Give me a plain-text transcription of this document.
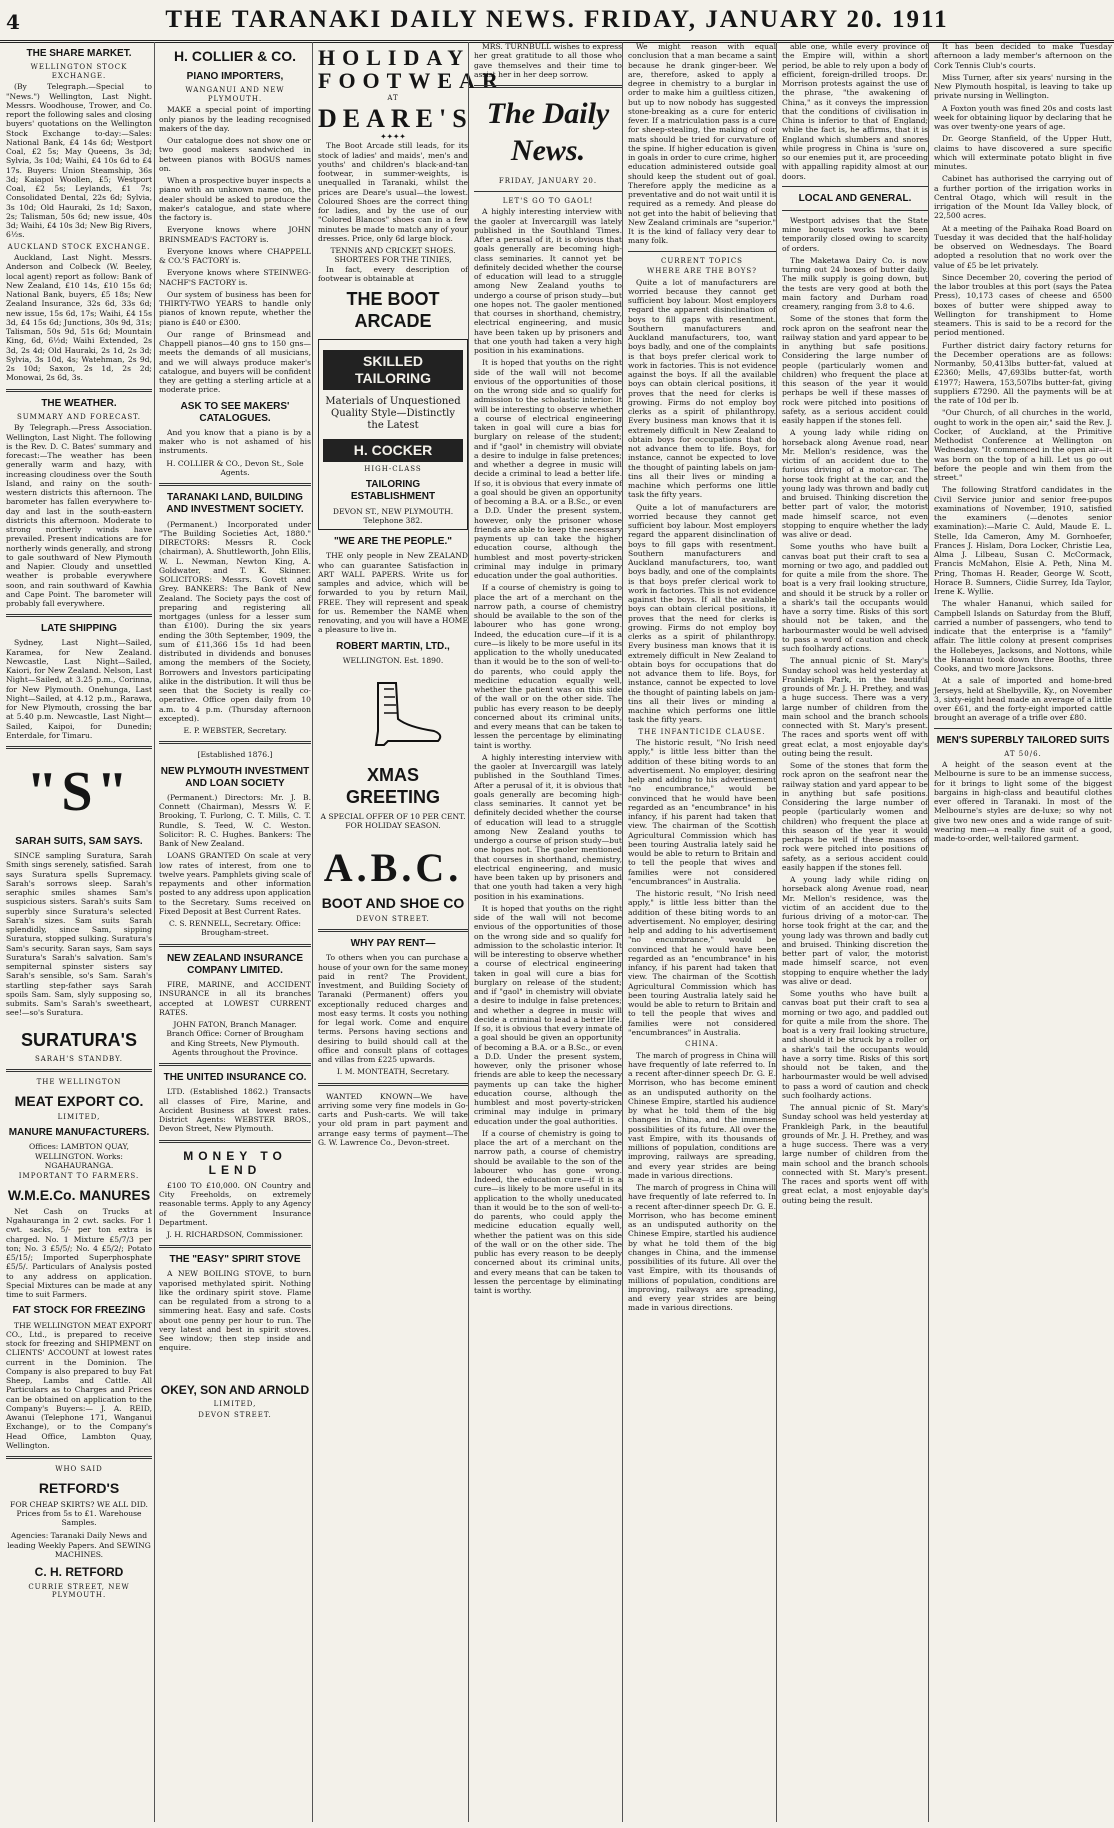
4	THE TARANAKI DAILY NEWS. FRIDAY, JANUARY 20. 1911
THE SHARE MARKET.
WELLINGTON STOCK EXCHANGE.

(By Telegraph.—Special to "News.") Wellington, Last Night. Messrs. Woodhouse, Trower, and Co. report the following sales and closing buyers' quotations on the Wellington Stock Exchange to-day:—Sales: National Bank, £4 14s 6d; Westport Coal, £2 5s; May Queens, 3s 3d; Sylvia, 3s 10d; Waihi, £4 10s 6d to £4 17s. Buyers: Union Steamship, 36s 3d; Kaiapoi Woollen, £5; Westport Coal, £2 5s; Leylands, £1 7s; Consolidated Dental, 22s 6d; Sylvia, 3s 10d; Old Hauraki, 2s 1d; Saxon, 2s; Talisman, 50s 6d; new issue, 40s 3d; Waihi, £4 10s 3d; New Big Rivers, 6½s.

AUCKLAND STOCK EXCHANGE.

Auckland, Last Night. Messrs. Anderson and Colbeck (W. Beeley, local agent) report as follow: Bank of New Zealand, £10 14s, £10 15s 6d; National Bank, buyers, £5 18s; New Zealand Insurance, 32s 6d, 33s 6d; new issue, 15s 6d, 17s; Waihi, £4 15s 3d, £4 15s 6d; Junctions, 30s 9d, 31s; Talisman, 50s 9d, 51s 6d; Mountain King, 6d, 6½d; Waihi Extended, 2s 3d, 2s 4d; Old Hauraki, 2s 1d, 2s 3d; Sylvia, 3s 10d, 4s; Watehman, 2s 9d, 2s 10d; Saxon, 2s 1d, 2s 2d; Monowai, 2s 6d, 3s.

THE WEATHER.
SUMMARY AND FORECAST.

By Telegraph.—Press Association. Wellington, Last Night. The following is the Rev. D. C. Bates' summary and forecast:—The weather has been generally warm and hazy, with increasing cloudiness over the South Island, and rainy on the south-western districts this afternoon. The barometer has fallen everywhere to-day and last in the south-eastern districts this afternoon. Moderate to strong northerly winds have prevailed. Present indications are for northerly winds generally, and strong to gale southward of New Plymouth and Napier. Cloudy and unsettled weather is probable everywhere soon, and rain southward of Kawhia and Cape Point. The barometer will probably fall everywhere.

LATE SHIPPING

Sydney, Last Night—Sailed, Karamea, for New Zealand. Newcastle, Last Night—Sailed, Kaiori, for New Zealand. Nelson, Last Night—Sailed, at 3.25 p.m., Corinna, for New Plymouth. Onehunga, Last Night—Sailed, at 4.12 p.m., Rarawa, for New Plymouth, crossing the bar at 5.40 p.m. Newcastle, Last Night—Sailed, Kaipoi, for Dunedin; Enterdale, for Timaru.

"S"
SARAH SUITS, SAM SAYS.

SINCE sampling Suratura, Sarah Smith sings serenely, satisfied. Sarah says Suratura spells Supremacy. Sarah's sorrows sleep. Sarah's seraphic smiles shames Sam's suspicious sisters. Sarah's suits Sam superbly since Suratura's selected Sarah's sizes. Sam suits Sarah splendidly, since Sam, sipping Suratura, stopped sulking. Suratura's Sam's security. Saran says, Sam says Suratura's Sarah's salvation. Sam's sempiternal spinster sisters say Sarah's sensible, so's Sam. Sarah's startling step-father says Sarah spoils Sam. Sam, slyly supposing so, submits. Sam's Sarah's sweetheart, see!—so's Suratura.

SURATURA'S
SARAH'S STANDBY.
THE WELLINGTON
MEAT EXPORT CO.
LIMITED,
MANURE MANUFACTURERS.
Offices: LAMBTON QUAY, WELLINGTON. Works: NGAHAURANGA.
IMPORTANT TO FARMERS.
W.M.E.Co. MANURES

Net Cash on Trucks at Ngahauranga in 2 cwt. sacks. For 1 cwt. sacks, 5/- per ton extra is charged. No. 1 Mixture £5/7/3 per ton; No. 3 £5/5/; No. 4 £5/2/; Potato £5/15/; Imported Superphosphate £5/5/. Particulars of Analysis posted to any address on application. Special Mixtures can be made at any time to suit Farmers.

FAT STOCK FOR FREEZING

THE WELLINGTON MEAT EXPORT CO., Ltd., is prepared to receive stock for freezing and SHIPMENT on CLIENTS' ACCOUNT at lowest rates current in the Dominion. The Company is also prepared to buy Fat Sheep, Lambs and Cattle. All Particulars as to Charges and Prices can be obtained on application to the Company's Buyers:— J. A. REID, Awanui (Telephone 171, Wanganui Exchange), or to the Company's Head Office, Lambton Quay, Wellington.

WHO SAID
RETFORD'S
FOR CHEAP SKIRTS? WE ALL DID. Prices from 5s to £1. Warehouse Samples.
Agencies: Taranaki Daily News and leading Weekly Papers. And SEWING MACHINES.
C. H. RETFORD
CURRIE STREET, NEW PLYMOUTH.
H. COLLIER & CO.
PIANO IMPORTERS,
WANGANUI AND NEW PLYMOUTH.

MAKE a special point of importing only pianos by the leading recognised makers of the day.

Our catalogue does not show one or two good makers sandwiched in between pianos with BOGUS names on.

When a prospective buyer inspects a piano with an unknown name on, the dealer should be asked to produce the maker's catalogue, and state where the factory is.

Everyone knows where JOHN BRINSMEAD'S FACTORY is.

Everyone knows where CHAPPELL & CO.'S FACTORY is.

Everyone knows where STEINWEG-NACHF'S FACTORY is.

Our system of business has been for THIRTY-TWO YEARS to handle only pianos of known repute, whether the piano is £40 or £300.

Our range of Brinsmead and Chappell pianos—40 gns to 150 gns—meets the demands of all musicians, and we will always produce maker's catalogue, and buyers will be confident they are getting a sterling article at a moderate price.

ASK TO SEE MAKERS' CATALOGUES.

And you know that a piano is by a maker who is not ashamed of his instruments.

H. COLLIER & CO., Devon St., Sole Agents.
TARANAKI LAND, BUILDING AND INVESTMENT SOCIETY.

(Permanent.) Incorporated under "The Building Societies Act, 1880." DIRECTORS: Messrs R. Cock (chairman), A. Shuttleworth, John Ellis, W. L. Newman, Newton King, A. Goldwater, and T. K. Skinner. SOLICITORS: Messrs. Govett and Grey. BANKERS: The Bank of New Zealand. The Society pays the cost of preparing and registering all mortgages (unless for a lesser sum than £100). During the six years ending the 30th September, 1909, the sum of £11,366 15s 1d had been distributed in dividends and bonuses among the members of the Society, Borrowers and Investors participating alike in the distribution. It will thus be seen that the Society is really co-operative. Office open daily from 10 a.m. to 4 p.m. (Thursday afternoon excepted).

E. P. WEBSTER, Secretary.
[Established 1876.]
NEW PLYMOUTH INVESTMENT AND LOAN SOCIETY

(Permanent.) Directors: Mr. J. B. Connett (Chairman), Messrs W. F. Brooking, T. Furlong, C. T. Mills, C. T. Rundle, S. Teed, W. C. Weston. Solicitor: R. C. Hughes. Bankers: The Bank of New Zealand.

LOANS GRANTED On scale at very low rates of interest, from one to twelve years. Pamphlets giving scale of repayments and other information posted to any address upon application to the Secretary. Sums received on Fixed Deposit at Best Current Rates.

C. S. RENNELL, Secretary. Office: Brougham-street.
NEW ZEALAND INSURANCE COMPANY LIMITED.

FIRE, MARINE, and ACCIDENT INSURANCE in all its branches accepted at LOWEST CURRENT RATES.

JOHN FATON, Branch Manager. Branch Office: Corner of Brougham and King Streets, New Plymouth. Agents throughout the Province.
THE UNITED INSURANCE CO.

LTD. (Established 1862.) Transacts all classes of Fire, Marine, and Accident Business at lowest rates. District Agents: WEBSTER BROS., Devon Street, New Plymouth.

MONEY TO LEND

£100 TO £10,000. ON Country and City Freeholds, on extremely reasonable terms. Apply to any Agency of the Government Insurance Department.

J. H. RICHARDSON, Commissioner.
THE "EASY" SPIRIT STOVE

A NEW BOILING STOVE, to burn vaporised methylated spirit. Nothing like the ordinary spirit stove. Flame can be regulated from a strong to a simmering heat. Easy and safe. Costs about one penny per hour to run. The very latest and best in spirit stoves. See window; then step inside and enquire.

OKEY, SON AND ARNOLD
LIMITED,
DEVON STREET.
HOLIDAY FOOTWEAR
AT
DEARE'S
✦✦✦✦

The Boot Arcade still leads, for its stock of ladies' and maids', men's and youths' and children's black-and-tan footwear, in summer-weights, is unequalled in Taranaki, whilst the prices are Deare's usual—the lowest. Coloured Shoes are the correct thing for ladies, and by the use of our "Colored Blancos" shoes can in a few minutes be made to match any of your dresses. Price, only 6d large block.

TENNIS AND CRICKET SHOES. SHORTEES FOR THE TINIES,

In fact, every description of footwear is obtainable at

THE BOOT ARCADE
SKILLED TAILORING
Materials of Unquestioned Quality Style—Distinctly the Latest
H. COCKER
HIGH-CLASS
TAILORING ESTABLISHMENT
DEVON ST., NEW PLYMOUTH.
Telephone 382.
"WE ARE THE PEOPLE."

THE only people in New ZEALAND who can guarantee Satisfaction in ART WALL PAPERS. Write us for samples and advice, which will be forwarded to you by return Mail, FREE. They will represent and speak for us. Remember the NAME when renovating, and you will have a HOME a pleasure to live in.

ROBERT MARTIN, LTD.,
WELLINGTON. Est. 1890.
XMAS GREETING
A SPECIAL OFFER OF 10 PER CENT. FOR HOLIDAY SEASON.
A.B.C.
BOOT AND SHOE CO
DEVON STREET.
WHY PAY RENT—

To others when you can purchase a house of your own for the same money paid in rent? The Provident, Investment, and Building Society of Taranaki (Permanent) offers you exceptionally reduced charges and most easy terms. It costs you nothing for legal work. Come and enquire terms. Persons having sections and desiring to build should call at the office and consult plans of cottages and villas from £225 upwards.

I. M. MONTEATH, Secretary.

WANTED KNOWN—We have arriving some very fine models in Go-carts and Push-carts. We will take your old pram in part payment and arrange easy terms of payment—The G. W. Lawrence Co., Devon-street.

MRS. TURNBULL wishes to express her great gratitude to all those who gave themselves and their time to assist her in her deep sorrow.

The Daily News.
FRIDAY, JANUARY 20.
LET'S GO TO GAOL!

A highly interesting interview with the gaoler at Invercargill was lately published in the Southland Times. After a perusal of it, it is obvious that goals generally are becoming high-class seminaries. It cannot yet be definitely decided whether the course of education will lead to a struggle among New Zealand youths to undergo a course of prison study—but one hopes not. The gaoler mentioned that courses in shorthand, chemistry, electrical engineering, and music have been taken up by prisoners and that one youth had taken a very high position in his examinations.

It is hoped that youths on the right side of the wall will not become envious of the opportunities of those on the wrong side and so qualify for admission to the scholastic interior. It will be interesting to observe whether a course of electrical engineering taken in goal will cure a bias for burglary on release of the student; and if "gaol" in chemistry will obviate a desire to indulge in false pretences; and whether a degree in music will decide a criminal to lead a better life. If so, it is obvious that every inmate of a goal should be given an opportunity of becoming a B.A. or a B.Sc., or even a D.D. Under the present system, however, only the prisoner whose friends are able to keep the necessary payments up can take the higher education course, although the humblest and most poverty-stricken criminal may indulge in primary education under the goal authorities.

If a course of chemistry is going to place the art of a merchant on the narrow path, a course of chemistry should be available to the son of the labourer who has gone wrong. Indeed, the education cure—if it is a cure—is likely to be more useful in its application to the wholly uneducated than it would be to the son of well-to-do parents, who could apply the medicine education equally well, whether the patient was on this side of the wall or on the other side. The public has every reason to be deeply concerned about its criminal units, and every means that can be taken to lessen the percentage by eliminating taint is worthy.

A highly interesting interview with the gaoler at Invercargill was lately published in the Southland Times. After a perusal of it, it is obvious that goals generally are becoming high-class seminaries. It cannot yet be definitely decided whether the course of education will lead to a struggle among New Zealand youths to undergo a course of prison study—but one hopes not. The gaoler mentioned that courses in shorthand, chemistry, electrical engineering, and music have been taken up by prisoners and that one youth had taken a very high position in his examinations.

It is hoped that youths on the right side of the wall will not become envious of the opportunities of those on the wrong side and so qualify for admission to the scholastic interior. It will be interesting to observe whether a course of electrical engineering taken in goal will cure a bias for burglary on release of the student; and if "gaol" in chemistry will obviate a desire to indulge in false pretences; and whether a degree in music will decide a criminal to lead a better life. If so, it is obvious that every inmate of a goal should be given an opportunity of becoming a B.A. or a B.Sc., or even a D.D. Under the present system, however, only the prisoner whose friends are able to keep the necessary payments up can take the higher education course, although the humblest and most poverty-stricken criminal may indulge in primary education under the goal authorities.

If a course of chemistry is going to place the art of a merchant on the narrow path, a course of chemistry should be available to the son of the labourer who has gone wrong. Indeed, the education cure—if it is a cure—is likely to be more useful in its application to the wholly uneducated than it would be to the son of well-to-do parents, who could apply the medicine education equally well, whether the patient was on this side of the wall or on the other side. The public has every reason to be deeply concerned about its criminal units, and every means that can be taken to lessen the percentage by eliminating taint is worthy.

We might reason with equal conclusion that a man became a saint because he drank ginger-beer. We are, therefore, asked to apply a degree in chemistry to a burglar in order to make him a guiltless citizen, but up to now nobody has suggested stone-breaking as a cure for enteric fever. If a matriculation pass is a cure for sheep-stealing, the making of coir mats should be tried for curvature of the spine. If higher education is given in goals in order to cure crime, higher education administered outside goal should keep the student out of goal. Therefore apply the medicine as a preventative and do not wait until it is required as a remedy. And please do not get into the habit of believing that New Zealand criminals are "superior." It is the kind of fallacy very dear to many folk.

CURRENT TOPICS
WHERE ARE THE BOYS?

Quite a lot of manufacturers are worried because they cannot get sufficient boy labour. Most employers regard the apparent disinclination of boys to fill gaps with resentment. Southern manufacturers and Auckland manufacturers, too, want boys badly, and one of the complaints is that boys prefer clerical work to work in factories. This is not evidence against the boys. If all the available boys can obtain clerical positions, it proves that the need for clerks is growing. Firms do not employ boy clerks as a spirit of philanthropy. Every business man knows that it is extremely difficult in New Zealand to obtain boys for occupations that do not advance them to life. Boys, for instance, cannot be expected to love the thought of painting labels on jam-tins all their lives or minding a machine which performs one little task the fifty years.

Quite a lot of manufacturers are worried because they cannot get sufficient boy labour. Most employers regard the apparent disinclination of boys to fill gaps with resentment. Southern manufacturers and Auckland manufacturers, too, want boys badly, and one of the complaints is that boys prefer clerical work to work in factories. This is not evidence against the boys. If all the available boys can obtain clerical positions, it proves that the need for clerks is growing. Firms do not employ boy clerks as a spirit of philanthropy. Every business man knows that it is extremely difficult in New Zealand to obtain boys for occupations that do not advance them to life. Boys, for instance, cannot be expected to love the thought of painting labels on jam-tins all their lives or minding a machine which performs one little task the fifty years.

THE INFANTICIDE CLAUSE.

The historic result, "No Irish need apply," is little less bitter than the addition of these biting words to an advertisement. No employer, desiring help and adding to his advertisement "no encumbrance," would be convinced that he would have been regarded as an "encumbrance" in his infancy, if his parent had taken that view. The chairman of the Scottish Agricultural Commission which has been touring Australia lately said he would be able to return to Britain and to tell the people that wives and families were not considered "encumbrances" in Australia.

The historic result, "No Irish need apply," is little less bitter than the addition of these biting words to an advertisement. No employer, desiring help and adding to his advertisement "no encumbrance," would be convinced that he would have been regarded as an "encumbrance" in his infancy, if his parent had taken that view. The chairman of the Scottish Agricultural Commission which has been touring Australia lately said he would be able to return to Britain and to tell the people that wives and families were not considered "encumbrances" in Australia.

CHINA.

The march of progress in China will have frequently of late referred to. In a recent after-dinner speech Dr. G. E. Morrison, who has become eminent as an undisputed authority on the Chinese Empire, startled his audience by what he told them of the big changes in China, and the immense possibilities of its future. All over the vast Empire, with its thousands of millions of population, conditions are improving, railways are spreading, and every year strides are being made in various directions.

The march of progress in China will have frequently of late referred to. In a recent after-dinner speech Dr. G. E. Morrison, who has become eminent as an undisputed authority on the Chinese Empire, startled his audience by what he told them of the big changes in China, and the immense possibilities of its future. All over the vast Empire, with its thousands of millions of population, conditions are improving, railways are spreading, and every year strides are being made in various directions.

able one, while every province of the Empire will, within a short period, be able to rely upon a body of efficient, foreign-drilled troops. Dr. Morrison protests against the use of the phrase, "the awakening of China," as it conveys the impression that the conditions of civilisation in China is inferior to that of England; while the fact is, he affirms, that it is England which slumbers and snores while progress in China is 'sure on, so our enemies put it, are proceeding with appalling rapidity almost at our doors.

LOCAL AND GENERAL.

Westport advises that the State mine bouquets works have been temporarily closed owing to scarcity of orders.

The Maketawa Dairy Co. is now turning out 24 boxes of butter daily. The milk supply is going down, but the tests are very good at both the main factory and Durham road creamery, ranging from 3.8 to 4.6.

Some of the stones that form the rock apron on the seafront near the railway station and yard appear to be in anything but safe positions. Considering the large number of people (particularly women and children) who frequent the place at this season of the year it would perhaps be well if these masses of rock were pitched into positions of safety, as a serious accident could easily happen if the stones fell.

A young lady while riding on horseback along Avenue road, near Mr. Mellon's residence, was the victim of an accident due to the furious driving of a motor-car. The horse took fright at the car, and the young lady was thrown and badly cut and bruised. Thinking discretion the better part of valor, the motorist made himself scarce, not even stopping to enquire whether the lady was alive or dead.

Some youths who have built a canvas boat put their craft to sea a morning or two ago, and paddled out for quite a mile from the shore. The boat is a very frail looking structure, and should it be struck by a roller or a shark's tail the occupants would have a sorry time. Risks of this sort should not be taken, and the harbourmaster would be well advised to pass a word of caution and check such foolhardy actions.

The annual picnic of St. Mary's Sunday school was held yesterday at Frankleigh Park, in the beautiful grounds of Mr. J. H. Prethey, and was a huge success. There was a very large number of children from the main school and the branch schools connected with St. Mary's present. The races and sports went off with great eclat, a most enjoyable day's outing being the result.

Some of the stones that form the rock apron on the seafront near the railway station and yard appear to be in anything but safe positions. Considering the large number of people (particularly women and children) who frequent the place at this season of the year it would perhaps be well if these masses of rock were pitched into positions of safety, as a serious accident could easily happen if the stones fell.

A young lady while riding on horseback along Avenue road, near Mr. Mellon's residence, was the victim of an accident due to the furious driving of a motor-car. The horse took fright at the car, and the young lady was thrown and badly cut and bruised. Thinking discretion the better part of valor, the motorist made himself scarce, not even stopping to enquire whether the lady was alive or dead.

Some youths who have built a canvas boat put their craft to sea a morning or two ago, and paddled out for quite a mile from the shore. The boat is a very frail looking structure, and should it be struck by a roller or a shark's tail the occupants would have a sorry time. Risks of this sort should not be taken, and the harbourmaster would be well advised to pass a word of caution and check such foolhardy actions.

The annual picnic of St. Mary's Sunday school was held yesterday at Frankleigh Park, in the beautiful grounds of Mr. J. H. Prethey, and was a huge success. There was a very large number of children from the main school and the branch schools connected with St. Mary's present. The races and sports went off with great eclat, a most enjoyable day's outing being the result.

It has been decided to make Tuesday afternoon a lady member's afternoon on the Cork Tennis Club's courts.

Miss Turner, after six years' nursing in the New Plymouth hospital, is leaving to take up private nursing in Wellington.

A Foxton youth was fined 20s and costs last week for obtaining liquor by declaring that he was over twenty-one years of age.

Dr. George Stanfield, of the Upper Hutt, claims to have discovered a sure specific which will exterminate potato blight in five minutes.

Cabinet has authorised the carrying out of a further portion of the irrigation works in Central Otago, which will result in the irrigation of the Mount Ida Valley block, of 22,500 acres.

At a meeting of the Paihaka Road Board on Tuesday it was decided that the half-holiday be observed on Wednesdays. The Board adopted a resolution that no work over the value of £5 be let privately.

Since December 20, covering the period of the labor troubles at this port (says the Patea Press), 10,173 cases of cheese and 6500 boxes of butter were shipped away to Wellington for transhipment to Home steamers. This is said to be a record for the period mentioned.

Further district dairy factory returns for the December operations are as follows: Normanby, 50,413lbs butter-fat, valued at £2360; Mells, 47,693lbs butter-fat, worth £1977; Hawera, 153,507lbs butter-fat, giving suppliers £7290. All the payments will be at the rate of 10d per lb.

"Our Church, of all churches in the world, ought to work in the open air," said the Rev. J. Cocker, of Auckland, at the Primitive Methodist Conference at Wellington on Wednesday. "It commenced in the open air—it was born on the top of a hill. Let us go out before the people and win them from the street."

The following Stratford candidates in the Civil Service junior and senior free-pupos examinations of November, 1910, satisfied the examiners (—denotes senior examination):—Marie C. Auld, Maude E. L. Stelle, Ida Cameron, Amy M. Gornhoefer, Frances J. Hislam, Dora Locker, Christie Lea, Alma J. Lilbeau, Susan C. McCormack, Francis McMahon, Elsie A. Peth, Nina M. Pring, Thomas H. Reader, George W. Scott, Horace B. Sumners, Ciidie Surrey, Ida Taylor, Irene K. Wyllie.

The whaler Hananui, which sailed for Campbell Islands on Saturday from the Bluff, carried a number of passengers, who tend to indicate that the enterprise is a "family" affair. The little colony at present comprises the Hollebeyes, Jacksons, and Nottons, while the Hananui took down three Booths, three Cooks, and two more Jacksons.

At a sale of imported and home-bred Jerseys, held at Shelbyville, Ky., on November 3, sixty-eight head made an average of a little over £61, and the forty-eight imported cattle brought an average of a trifle over £80.

MEN'S SUPERBLY TAILORED SUITS
AT 50/6.

A height of the season event at the Melbourne is sure to be an immense success, for it brings to light some of the biggest bargains in high-class and beautiful clothes ever offered in Taranaki. In most of the Melbourne's styles are de-luxe; so why not give two new ones and a wide range of suit-wearing men—a really fine suit of a good, made-to-order, well-tailored garment.
